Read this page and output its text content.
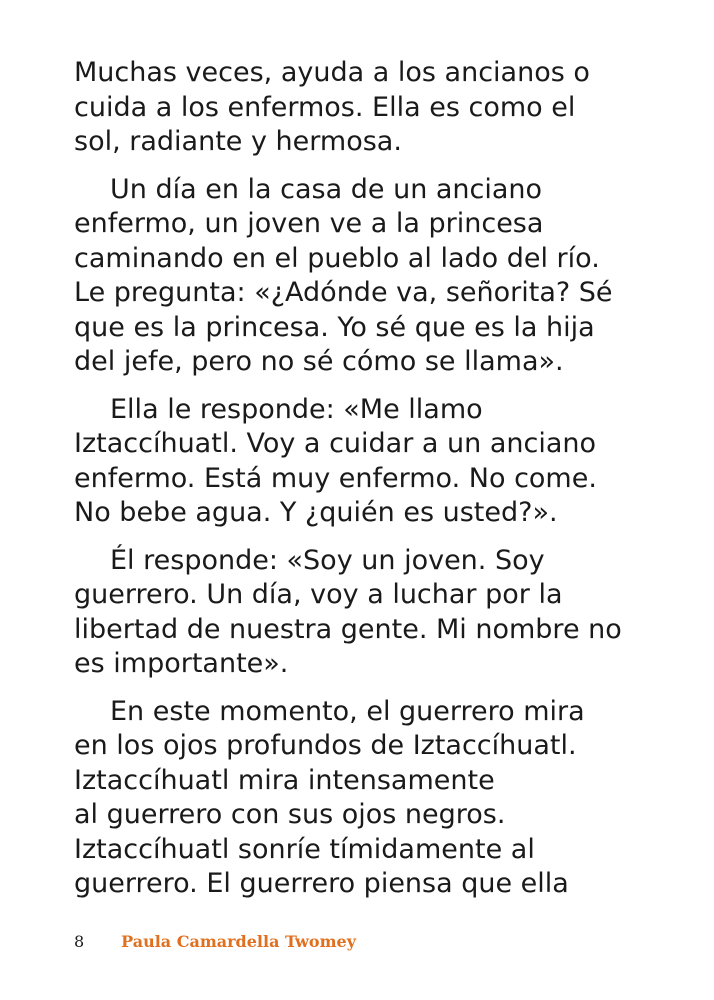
Muchas veces, ayuda a los ancianos o
cuida a los enfermos. Ella es como el
sol, radiante y hermosa.

Un día en la casa de un anciano
enfermo, un joven ve a la princesa
caminando en el pueblo al lado del río.
Le pregunta: «¿Adónde va, señorita? Sé
que es la princesa. Yo sé que es la hija
del jefe, pero no sé cómo se llama».

Ella le responde: «Me llamo
Iztaccíhuatl. Voy a cuidar a un anciano
enfermo. Está muy enfermo. No come.
No bebe agua. Y ¿quién es usted?».

Él responde: «Soy un joven. Soy
guerrero. Un día, voy a luchar por la
libertad de nuestra gente. Mi nombre no
es importante».

En este momento, el guerrero mira
en los ojos profundos de Iztaccíhuatl.
Iztaccíhuatl mira intensamente
al guerrero con sus ojos negros.
Iztaccíhuatl sonríe tímidamente al
guerrero. El guerrero piensa que ella

8 Paula Camardella Twomey
